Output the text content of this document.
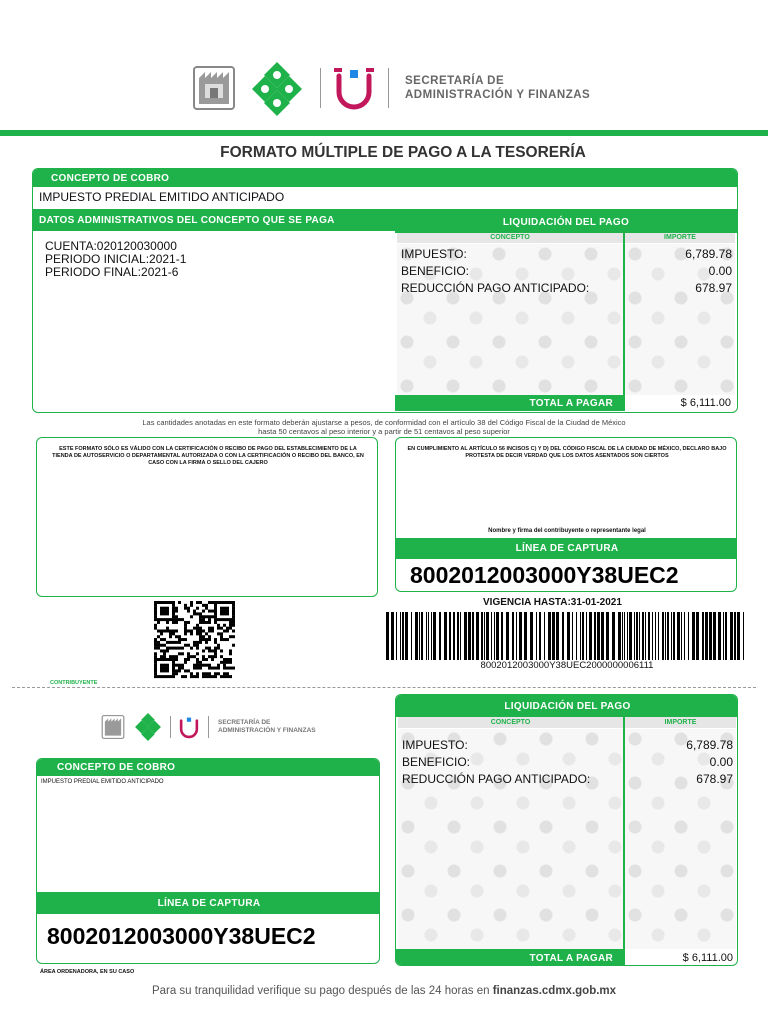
SECRETARÍA DE
ADMINISTRACIÓN Y FINANZAS
FORMATO MÚLTIPLE DE PAGO A LA TESORERÍA
CONCEPTO DE COBRO
IMPUESTO PREDIAL EMITIDO ANTICIPADO
DATOS ADMINISTRATIVOS DEL CONCEPTO QUE SE PAGA
CUENTA:020120030000
PERIODO INICIAL:2021-1
PERIODO FINAL:2021-6
LIQUIDACIÓN DEL PAGO
CONCEPTO	IMPORTE
IMPUESTO:	6,789.78
BENEFICIO:	0.00
REDUCCIÓN PAGO ANTICIPADO:	678.97
TOTAL A PAGAR	$ 6,111.00
Las cantidades anotadas en este formato deberán ajustarse a pesos, de conformidad con el artículo 38 del Código Fiscal de la Ciudad de México
hasta 50 centavos al peso interior y a partir de 51 centavos al peso superior
ESTE FORMATO SÓLO ES VÁLIDO CON LA CERTIFICACIÓN O RECIBO DE PAGO DEL ESTABLECIMIENTO DE LA TIENDA DE AUTOSERVICIO O DEPARTAMENTAL AUTORIZADA O CON LA CERTIFICACIÓN O RECIBO DEL BANCO, EN CASO CON LA FIRMA O SELLO DEL CAJERO
EN CUMPLIMIENTO AL ARTÍCULO 56 INCISOS C) Y D) DEL CÓDIGO FISCAL DE LA CIUDAD DE MÉXICO, DECLARO BAJO PROTESTA DE DECIR VERDAD QUE LOS DATOS ASENTADOS SON CIERTOS
Nombre y firma del contribuyente o representante legal
LÍNEA DE CAPTURA
8002012003000Y38UEC2
VIGENCIA HASTA:31-01-2021
8002012003000Y38UEC2000000006111
CONTRIBUYENTE
SECRETARÍA DE
ADMINISTRACIÓN Y FINANZAS
CONCEPTO DE COBRO
IMPUESTO PREDIAL EMITIDO ANTICIPADO
LÍNEA DE CAPTURA
8002012003000Y38UEC2
ÁREA ORDENADORA, EN SU CASO
LIQUIDACIÓN DEL PAGO
CONCEPTO	IMPORTE
IMPUESTO:	6,789.78
BENEFICIO:	0.00
REDUCCIÓN PAGO ANTICIPADO:	678.97
TOTAL A PAGAR	$ 6,111.00
Para su tranquilidad verifique su pago después de las 24 horas en finanzas.cdmx.gob.mx
